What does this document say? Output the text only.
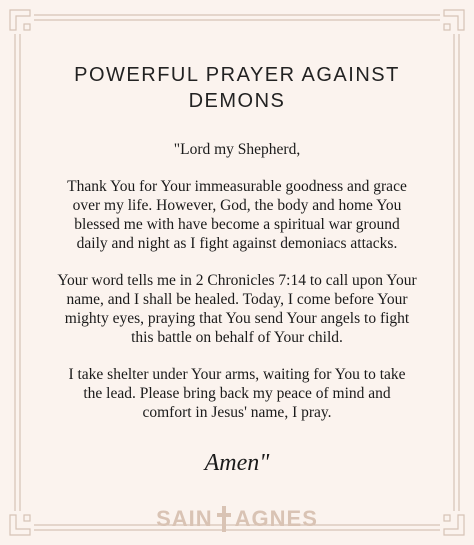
POWERFUL PRAYER AGAINST
DEMONS

"Lord my Shepherd,

Thank You for Your immeasurable goodness and grace
over my life. However, God, the body and home You
blessed me with have become a spiritual war ground
daily and night as I fight against demoniacs attacks.

Your word tells me in 2 Chronicles 7:14 to call upon Your
name, and I shall be healed. Today, I come before Your
mighty eyes, praying that You send Your angels to fight
this battle on behalf of Your child.

I take shelter under Your arms, waiting for You to take
the lead. Please bring back my peace of mind and
comfort in Jesus' name, I pray.

Amen"
SAIN AGNES
